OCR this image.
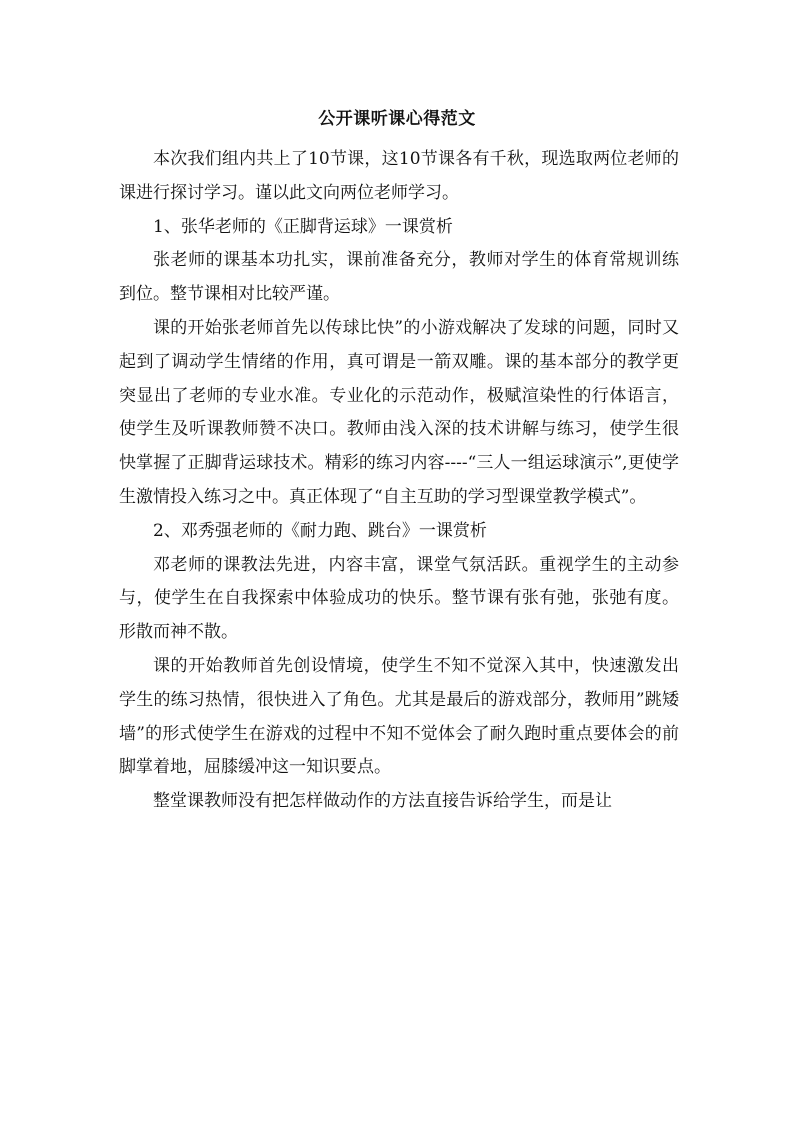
公开课听课心得范文

本次我们组内共上了10节课，这10节课各有千秋，现选取两位老师的课进行探讨学习。谨以此文向两位老师学习。

1、张华老师的《正脚背运球》一课赏析

张老师的课基本功扎实，课前准备充分，教师对学生的体育常规训练到位。整节课相对比较严谨。

课的开始张老师首先以传球比快”的小游戏解决了发球的问题，同时又起到了调动学生情绪的作用，真可谓是一箭双雕。课的基本部分的教学更突显出了老师的专业水准。专业化的示范动作，极赋渲染性的行体语言，使学生及听课教师赞不决口。教师由浅入深的技术讲解与练习，使学生很快掌握了正脚背运球技术。精彩的练习内容----“三人一组运球演示”,更使学生激情投入练习之中。真正体现了“自主互助的学习型课堂教学模式”。

2、邓秀强老师的《耐力跑、跳台》一课赏析

邓老师的课教法先进，内容丰富，课堂气氛活跃。重视学生的主动参与，使学生在自我探索中体验成功的快乐。整节课有张有弛，张弛有度。形散而神不散。

课的开始教师首先创设情境，使学生不知不觉深入其中，快速激发出学生的练习热情，很快进入了角色。尤其是最后的游戏部分，教师用”跳矮墙”的形式使学生在游戏的过程中不知不觉体会了耐久跑时重点要体会的前脚掌着地，屈膝缓冲这一知识要点。

整堂课教师没有把怎样做动作的方法直接告诉给学生，而是让
